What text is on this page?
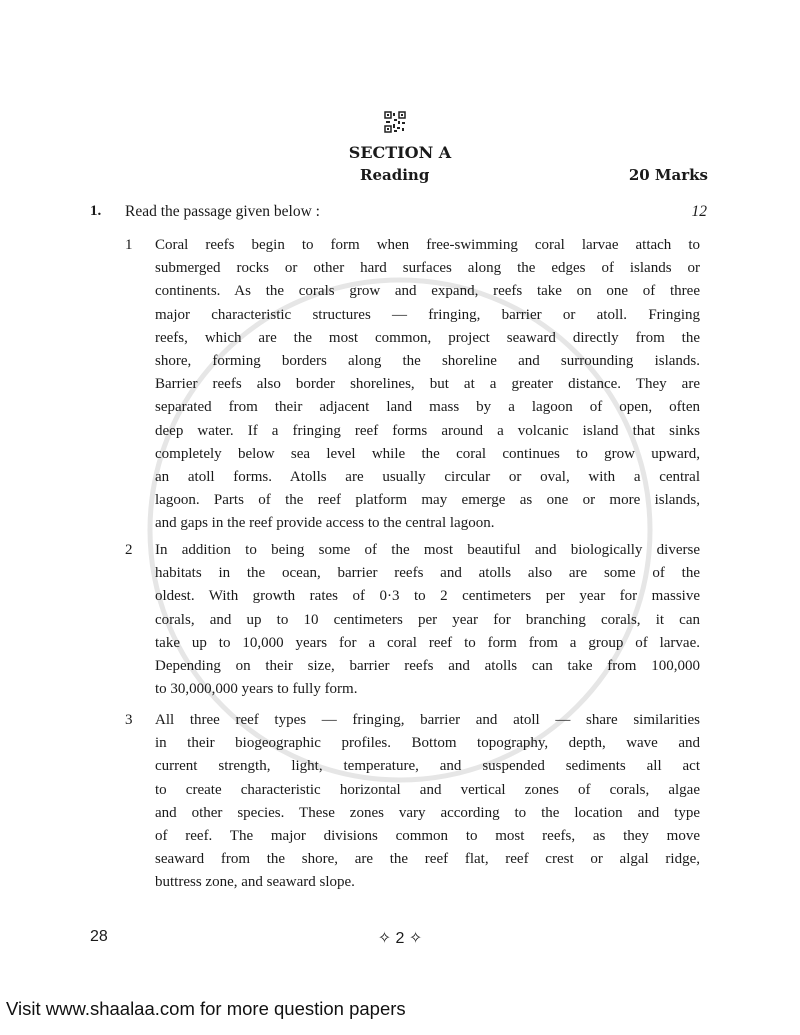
SECTION A
Reading	20 Marks
1. Read the passage given below :	12
1	Coral reefs begin to form when free-swimming coral larvae attach to
submerged rocks or other hard surfaces along the edges of islands or
continents. As the corals grow and expand, reefs take on one of three
major characteristic structures — fringing, barrier or atoll. Fringing
reefs, which are the most common, project seaward directly from the
shore, forming borders along the shoreline and surrounding islands.
Barrier reefs also border shorelines, but at a greater distance. They are
separated from their adjacent land mass by a lagoon of open, often
deep water. If a fringing reef forms around a volcanic island that sinks
completely below sea level while the coral continues to grow upward,
an atoll forms. Atolls are usually circular or oval, with a central
lagoon. Parts of the reef platform may emerge as one or more islands,
and gaps in the reef provide access to the central lagoon.
2	In addition to being some of the most beautiful and biologically diverse
habitats in the ocean, barrier reefs and atolls also are some of the
oldest. With growth rates of 0·3 to 2 centimeters per year for massive
corals, and up to 10 centimeters per year for branching corals, it can
take up to 10,000 years for a coral reef to form from a group of larvae.
Depending on their size, barrier reefs and atolls can take from 100,000
to 30,000,000 years to fully form.
3	All three reef types — fringing, barrier and atoll — share similarities
in their biogeographic profiles. Bottom topography, depth, wave and
current strength, light, temperature, and suspended sediments all act
to create characteristic horizontal and vertical zones of corals, algae
and other species. These zones vary according to the location and type
of reef. The major divisions common to most reefs, as they move
seaward from the shore, are the reef flat, reef crest or algal ridge,
buttress zone, and seaward slope.
28	✧ 2 ✧
Visit www.shaalaa.com for more question papers
